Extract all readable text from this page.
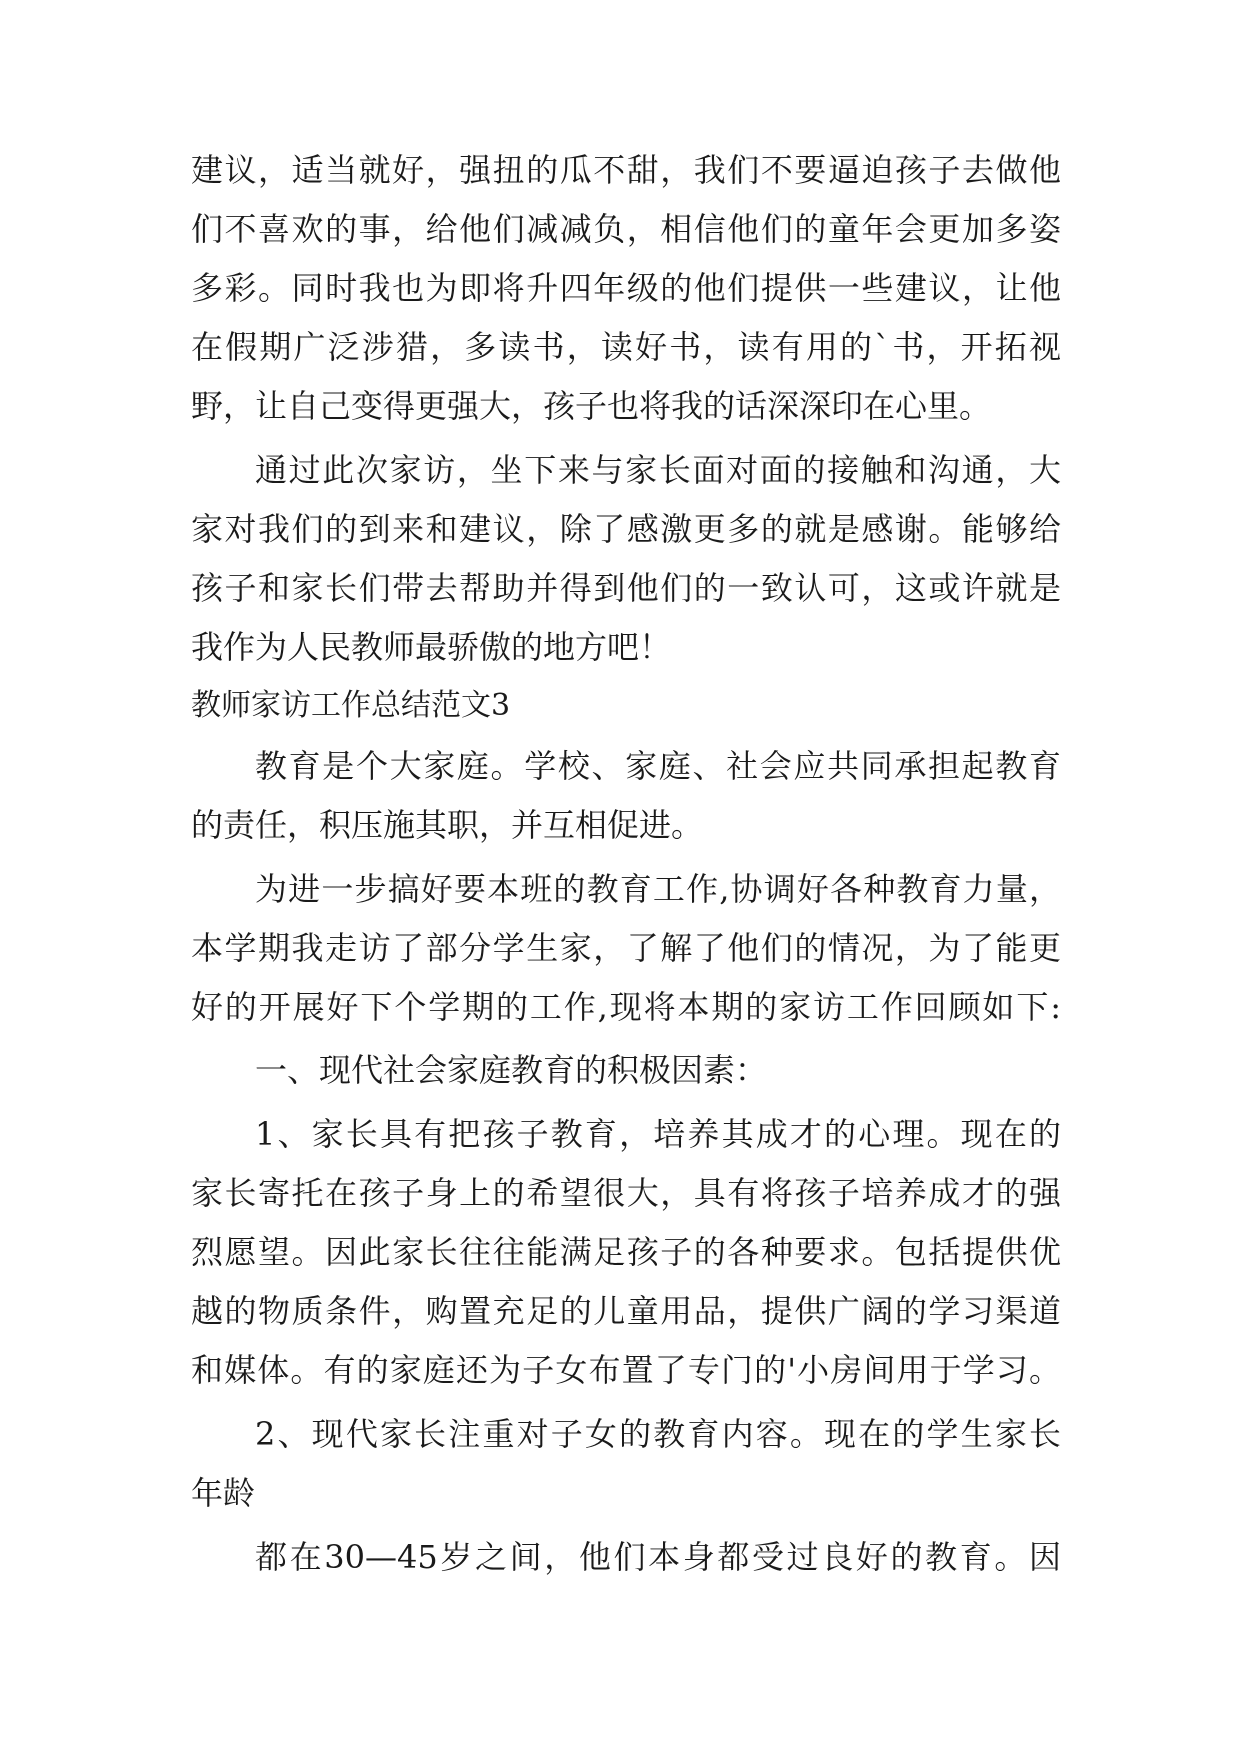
建议，适当就好，强扭的瓜不甜，我们不要逼迫孩子去做他
们不喜欢的事，给他们减减负，相信他们的童年会更加多姿
多彩。同时我也为即将升四年级的他们提供一些建议，让他
在假期广泛涉猎，多读书，读好书，读有用的`书，开拓视
野，让自己变得更强大，孩子也将我的话深深印在心里。
通过此次家访，坐下来与家长面对面的接触和沟通，大
家对我们的到来和建议，除了感激更多的就是感谢。能够给
孩子和家长们带去帮助并得到他们的一致认可，这或许就是
我作为人民教师最骄傲的地方吧！
教师家访工作总结范文3
教育是个大家庭。学校、家庭、社会应共同承担起教育
的责任，积压施其职，并互相促进。
为进一步搞好要本班的教育工作,协调好各种教育力量，
本学期我走访了部分学生家，了解了他们的情况，为了能更
好的开展好下个学期的工作,现将本期的家访工作回顾如下:
一、现代社会家庭教育的积极因素：
1、家长具有把孩子教育，培养其成才的心理。现在的
家长寄托在孩子身上的希望很大，具有将孩子培养成才的强
烈愿望。因此家长往往能满足孩子的各种要求。包括提供优
越的物质条件，购置充足的儿童用品，提供广阔的学习渠道
和媒体。有的家庭还为子女布置了专门的'小房间用于学习。
2、现代家长注重对子女的教育内容。现在的学生家长
年龄
都在30—45岁之间，他们本身都受过良好的教育。因
